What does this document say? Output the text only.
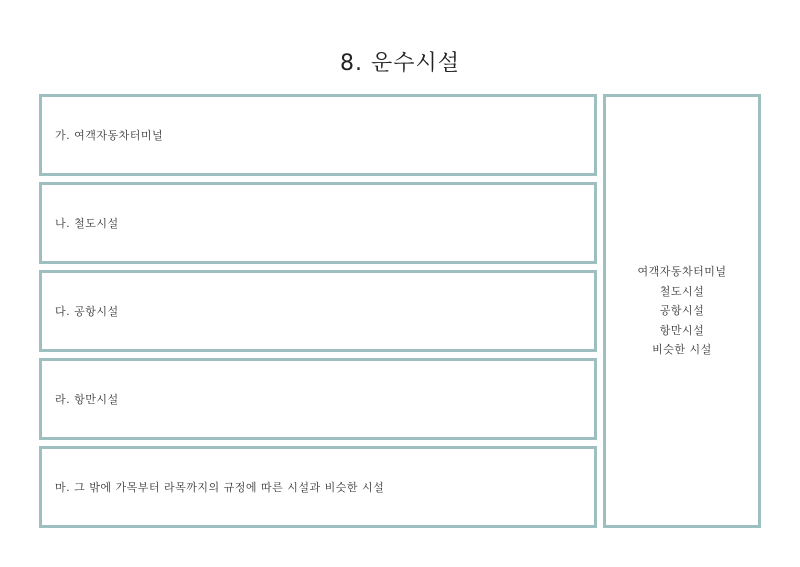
8. 운수시설
가. 여객자동차터미널
나. 철도시설
다. 공항시설
라. 항만시설
마. 그 밖에 가목부터 라목까지의 규정에 따른 시설과 비슷한 시설
여객자동차터미널
철도시설
공항시설
항만시설
비슷한 시설
